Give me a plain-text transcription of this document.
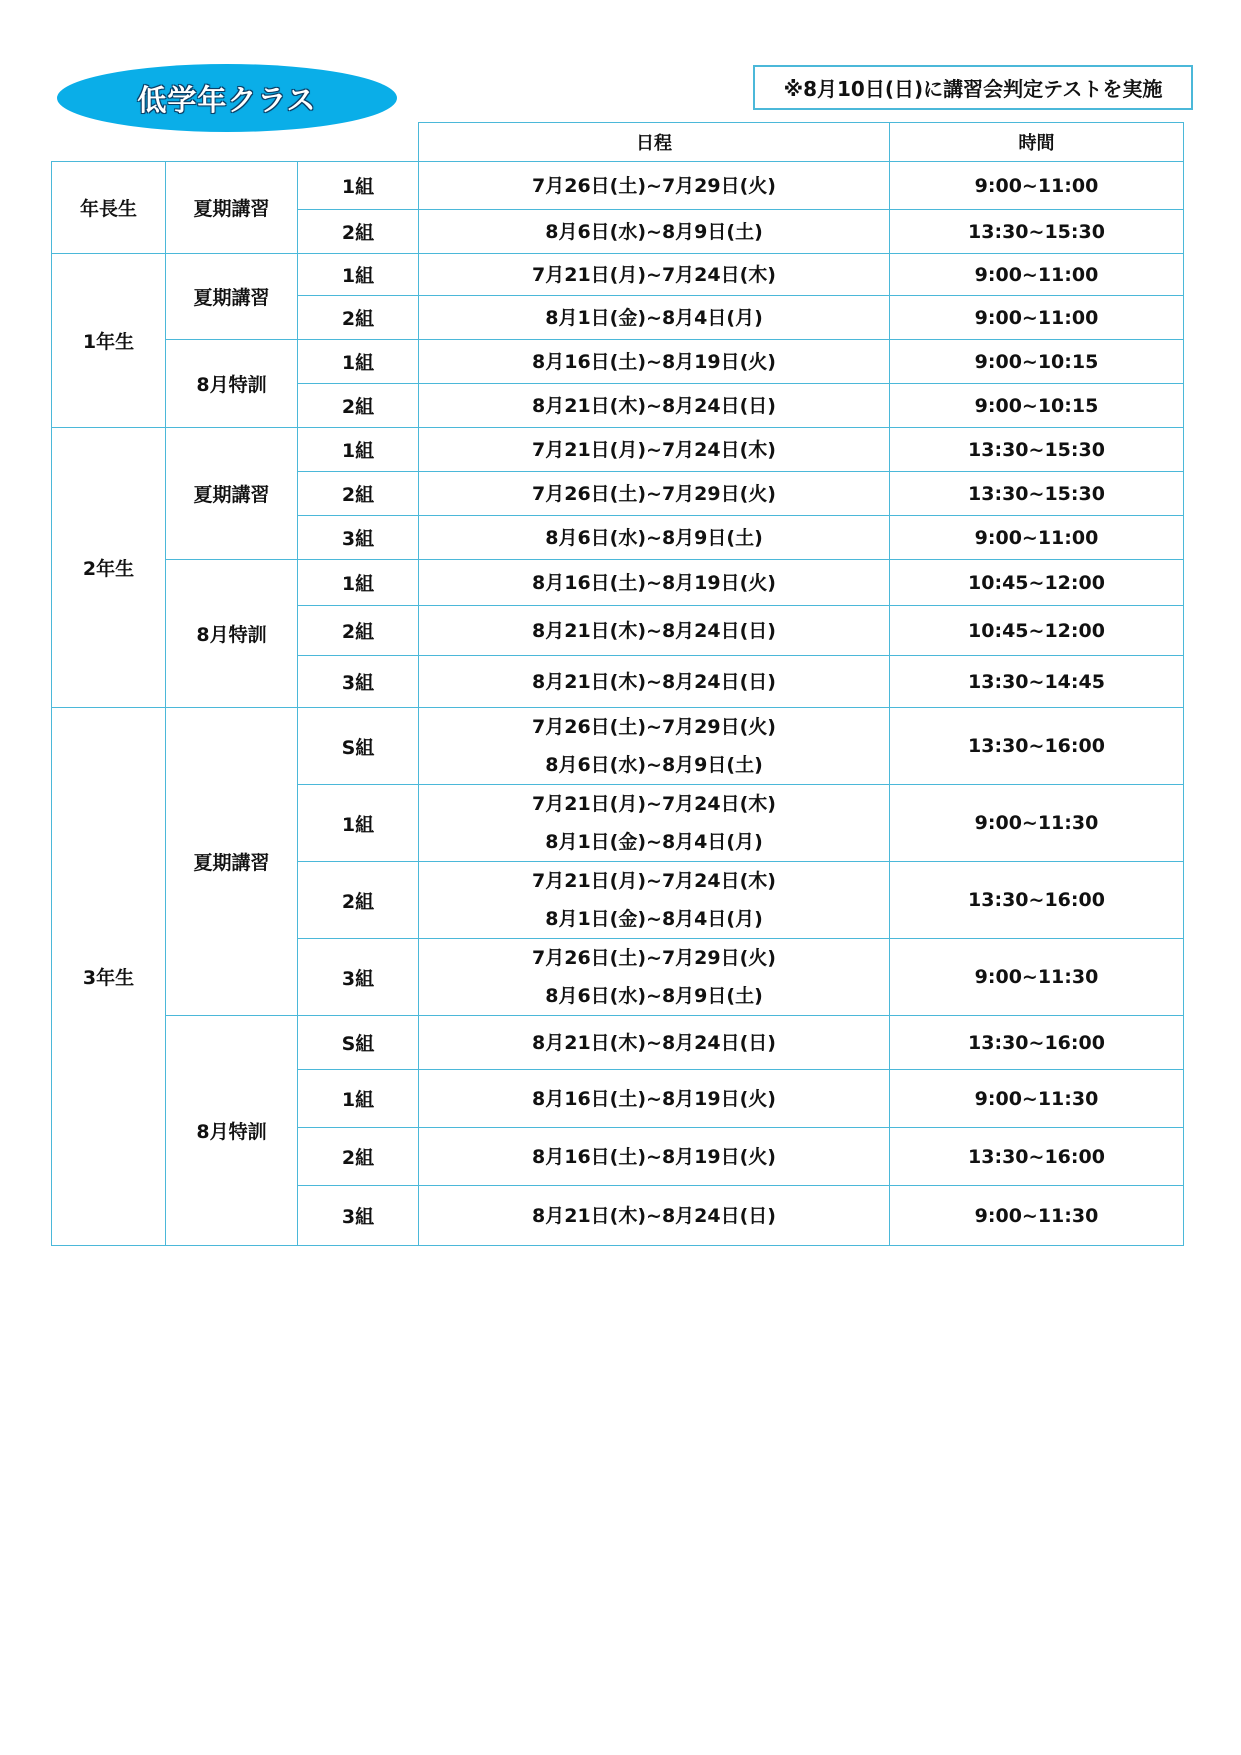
低学年クラス	※8月10日(日)に講習会判定テストを実施
			日程	時間
年長生	夏期講習	1組	7月26日(土)~7月29日(火)	9:00~11:00
		2組	8月6日(水)~8月9日(土)	13:30~15:30
1年生	夏期講習	1組	7月21日(月)~7月24日(木)	9:00~11:00
		2組	8月1日(金)~8月4日(月)	9:00~11:00
	8月特訓	1組	8月16日(土)~8月19日(火)	9:00~10:15
		2組	8月21日(木)~8月24日(日)	9:00~10:15
2年生	夏期講習	1組	7月21日(月)~7月24日(木)	13:30~15:30
		2組	7月26日(土)~7月29日(火)	13:30~15:30
		3組	8月6日(水)~8月9日(土)	9:00~11:00
	8月特訓	1組	8月16日(土)~8月19日(火)	10:45~12:00
		2組	8月21日(木)~8月24日(日)	10:45~12:00
		3組	8月21日(木)~8月24日(日)	13:30~14:45
3年生	夏期講習	S組	7月26日(土)~7月29日(火)
8月6日(水)~8月9日(土)	13:30~16:00
		1組	7月21日(月)~7月24日(木)
8月1日(金)~8月4日(月)	9:00~11:30
		2組	7月21日(月)~7月24日(木)
8月1日(金)~8月4日(月)	13:30~16:00
		3組	7月26日(土)~7月29日(火)
8月6日(水)~8月9日(土)	9:00~11:30
	8月特訓	S組	8月21日(木)~8月24日(日)	13:30~16:00
		1組	8月16日(土)~8月19日(火)	9:00~11:30
		2組	8月16日(土)~8月19日(火)	13:30~16:00
		3組	8月21日(木)~8月24日(日)	9:00~11:30
